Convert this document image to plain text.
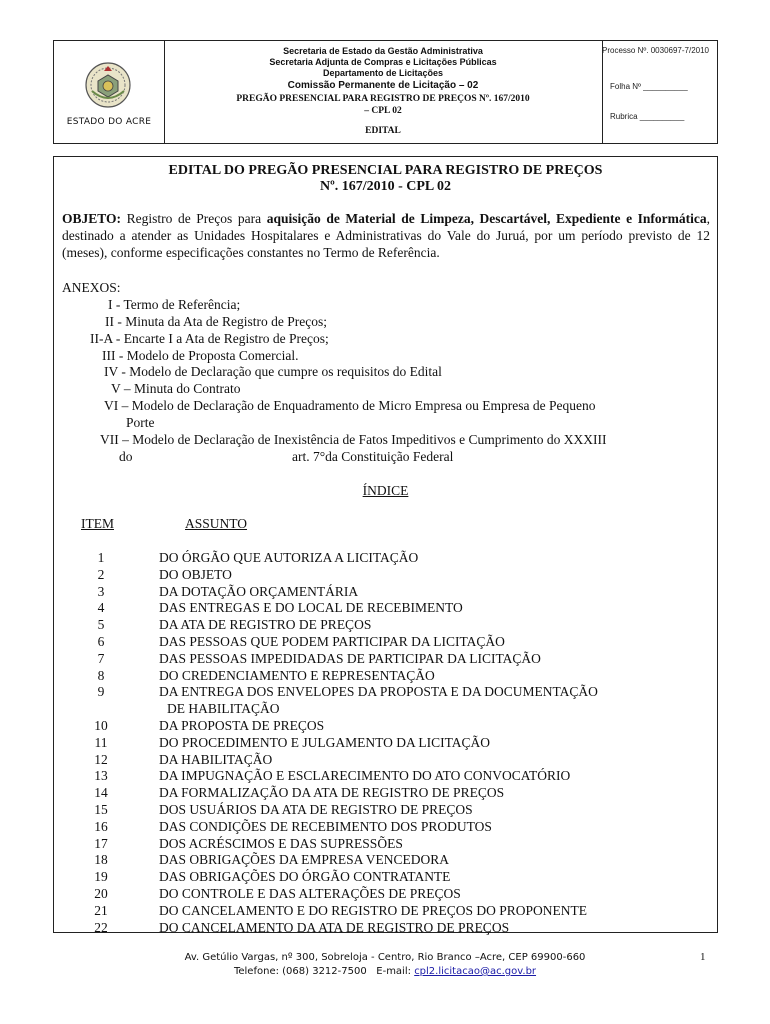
ESTADO DO ACRE
Secretaria de Estado da Gestão Administrativa
Secretaria Adjunta de Compras e Licitações Públicas
Departamento de Licitações
Comissão Permanente de Licitação – 02
PREGÃO PRESENCIAL PARA REGISTRO DE PREÇOS Nº. 167/2010
– CPL 02
EDITAL
Processo Nº. 0030697-7/2010
Folha Nº __________
Rubrica __________
EDITAL DO PREGÃO PRESENCIAL PARA REGISTRO DE PREÇOS
Nº. 167/2010 - CPL 02
OBJETO: Registro de Preços para aquisição de Material de Limpeza, Descartável, Expediente e Informática, destinado a atender as Unidades Hospitalares e Administrativas do Vale do Juruá, por um período previsto de 12 (meses), conforme especificações constantes no Termo de Referência.
ANEXOS:
I - Termo de Referência;
II - Minuta da Ata de Registro de Preços;
II-A - Encarte I a Ata de Registro de Preços;
III - Modelo de Proposta Comercial.
IV - Modelo de Declaração que cumpre os requisitos do Edital
V – Minuta do Contrato
VI – Modelo de Declaração de Enquadramento de Micro Empresa ou Empresa de Pequeno
Porte
VII – Modelo de Declaração de Inexistência de Fatos Impeditivos e Cumprimento do XXXIII
do	art. 7°da Constituição Federal
ÍNDICE
ITEM	ASSUNTO
1	DO ÓRGÃO QUE AUTORIZA A LICITAÇÃO
2	DO OBJETO
3	DA DOTAÇÃO ORÇAMENTÁRIA
4	DAS ENTREGAS E DO LOCAL DE RECEBIMENTO
5	DA ATA DE REGISTRO DE PREÇOS
6	DAS PESSOAS QUE PODEM PARTICIPAR DA LICITAÇÃO
7	DAS PESSOAS IMPEDIDADAS DE PARTICIPAR DA LICITAÇÃO
8	DO CREDENCIAMENTO E REPRESENTAÇÃO
9	DA ENTREGA DOS ENVELOPES DA PROPOSTA E DA DOCUMENTAÇÃO
DE HABILITAÇÃO
10	DA PROPOSTA DE PREÇOS
11	DO PROCEDIMENTO E JULGAMENTO DA LICITAÇÃO
12	DA HABILITAÇÃO
13	DA IMPUGNAÇÃO E ESCLARECIMENTO DO ATO CONVOCATÓRIO
14	DA FORMALIZAÇÃO DA ATA DE REGISTRO DE PREÇOS
15	DOS USUÁRIOS DA ATA DE REGISTRO DE PREÇOS
16	DAS CONDIÇÕES DE RECEBIMENTO DOS PRODUTOS
17	DOS ACRÉSCIMOS E DAS SUPRESSÕES
18	DAS OBRIGAÇÕES DA EMPRESA VENCEDORA
19	DAS OBRIGAÇÕES DO ÓRGÃO CONTRATANTE
20	DO CONTROLE E DAS ALTERAÇÕES DE PREÇOS
21	DO CANCELAMENTO E DO REGISTRO DE PREÇOS DO PROPONENTE
22	DO CANCELAMENTO DA ATA DE REGISTRO DE PREÇOS
Av. Getúlio Vargas, nº 300, Sobreloja - Centro, Rio Branco –Acre, CEP 69900-660
Telefone: (068) 3212-7500 E-mail: cpl2.licitacao@ac.gov.br
1
